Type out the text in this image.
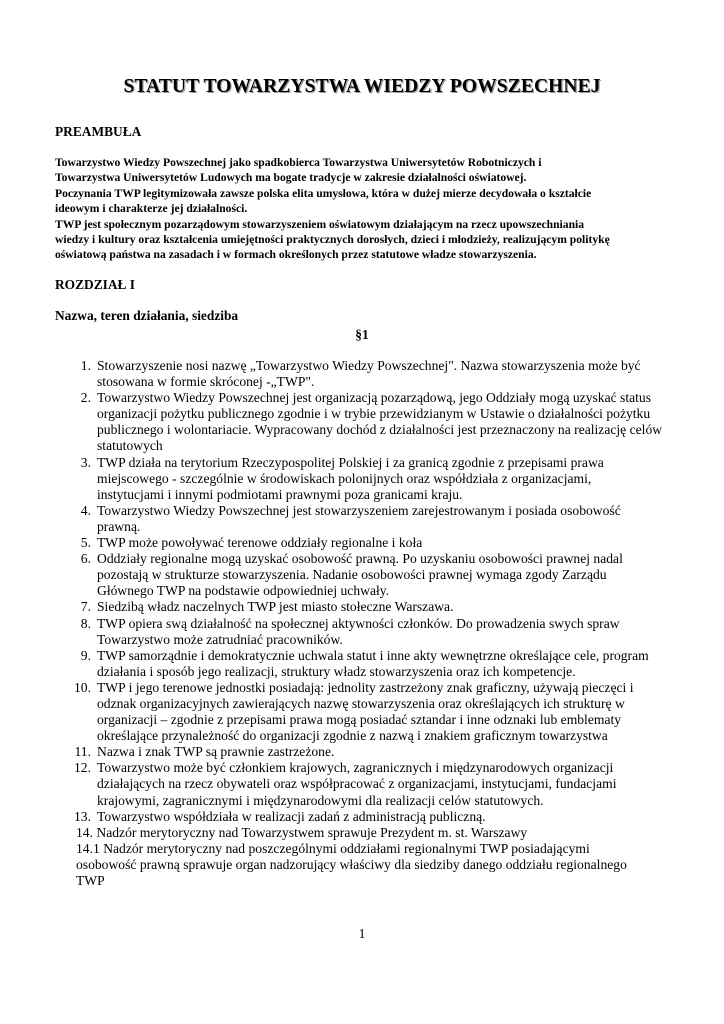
STATUT TOWARZYSTWA WIEDZY POWSZECHNEJ
PREAMBUŁA
Towarzystwo Wiedzy Powszechnej jako spadkobierca Towarzystwa Uniwersytetów Robotniczych i
Towarzystwa Uniwersytetów Ludowych ma bogate tradycje w zakresie działalności oświatowej.
Poczynania TWP legitymizowała zawsze polska elita umysłowa, która w dużej mierze decydowała o kształcie
ideowym i charakterze jej działalności.
TWP jest społecznym pozarządowym stowarzyszeniem oświatowym działającym na rzecz upowszechniania
wiedzy i kultury oraz kształcenia umiejętności praktycznych dorosłych, dzieci i młodzieży, realizującym politykę
oświatową państwa na zasadach i w formach określonych przez statutowe władze stowarzyszenia.
ROZDZIAŁ I
Nazwa, teren działania, siedziba
§1
1. Stowarzyszenie nosi nazwę „Towarzystwo Wiedzy Powszechnej". Nazwa stowarzyszenia może być
stosowana w formie skróconej -„TWP".
2. Towarzystwo Wiedzy Powszechnej jest organizacją pozarządową, jego Oddziały mogą uzyskać status
organizacji pożytku publicznego zgodnie i w trybie przewidzianym w Ustawie o działalności pożytku
publicznego i wolontariacie. Wypracowany dochód z działalności jest przeznaczony na realizację celów
statutowych
3. TWP działa na terytorium Rzeczypospolitej Polskiej i za granicą zgodnie z przepisami prawa
miejscowego - szczególnie w środowiskach polonijnych oraz współdziała z organizacjami,
instytucjami i innymi podmiotami prawnymi poza granicami kraju.
4. Towarzystwo Wiedzy Powszechnej jest stowarzyszeniem zarejestrowanym i posiada osobowość
prawną.
5. TWP może powoływać terenowe oddziały regionalne i koła
6. Oddziały regionalne mogą uzyskać osobowość prawną. Po uzyskaniu osobowości prawnej nadal
pozostają w strukturze stowarzyszenia. Nadanie osobowości prawnej wymaga zgody Zarządu
Głównego TWP na podstawie odpowiedniej uchwały.
7. Siedzibą władz naczelnych TWP jest miasto stołeczne Warszawa.
8. TWP opiera swą działalność na społecznej aktywności członków. Do prowadzenia swych spraw
Towarzystwo może zatrudniać pracowników.
9. TWP samorządnie i demokratycznie uchwala statut i inne akty wewnętrzne określające cele, program
działania i sposób jego realizacji, struktury władz stowarzyszenia oraz ich kompetencje.
10. TWP i jego terenowe jednostki posiadają: jednolity zastrzeżony znak graficzny, używają pieczęci i
odznak organizacyjnych zawierających nazwę stowarzyszenia oraz określających ich strukturę w
organizacji – zgodnie z przepisami prawa mogą posiadać sztandar i inne odznaki lub emblematy
określające przynależność do organizacji zgodnie z nazwą i znakiem graficznym towarzystwa
11. Nazwa i znak TWP są prawnie zastrzeżone.
12. Towarzystwo może być członkiem krajowych, zagranicznych i międzynarodowych organizacji
działających na rzecz obywateli oraz współpracować z organizacjami, instytucjami, fundacjami
krajowymi, zagranicznymi i międzynarodowymi dla realizacji celów statutowych.
13. Towarzystwo współdziała w realizacji zadań z administracją publiczną.
14. Nadzór merytoryczny nad Towarzystwem sprawuje Prezydent m. st. Warszawy
14.1 Nadzór merytoryczny nad poszczególnymi oddziałami regionalnymi TWP posiadającymi
osobowość prawną sprawuje organ nadzorujący właściwy dla siedziby danego oddziału regionalnego
TWP
1
